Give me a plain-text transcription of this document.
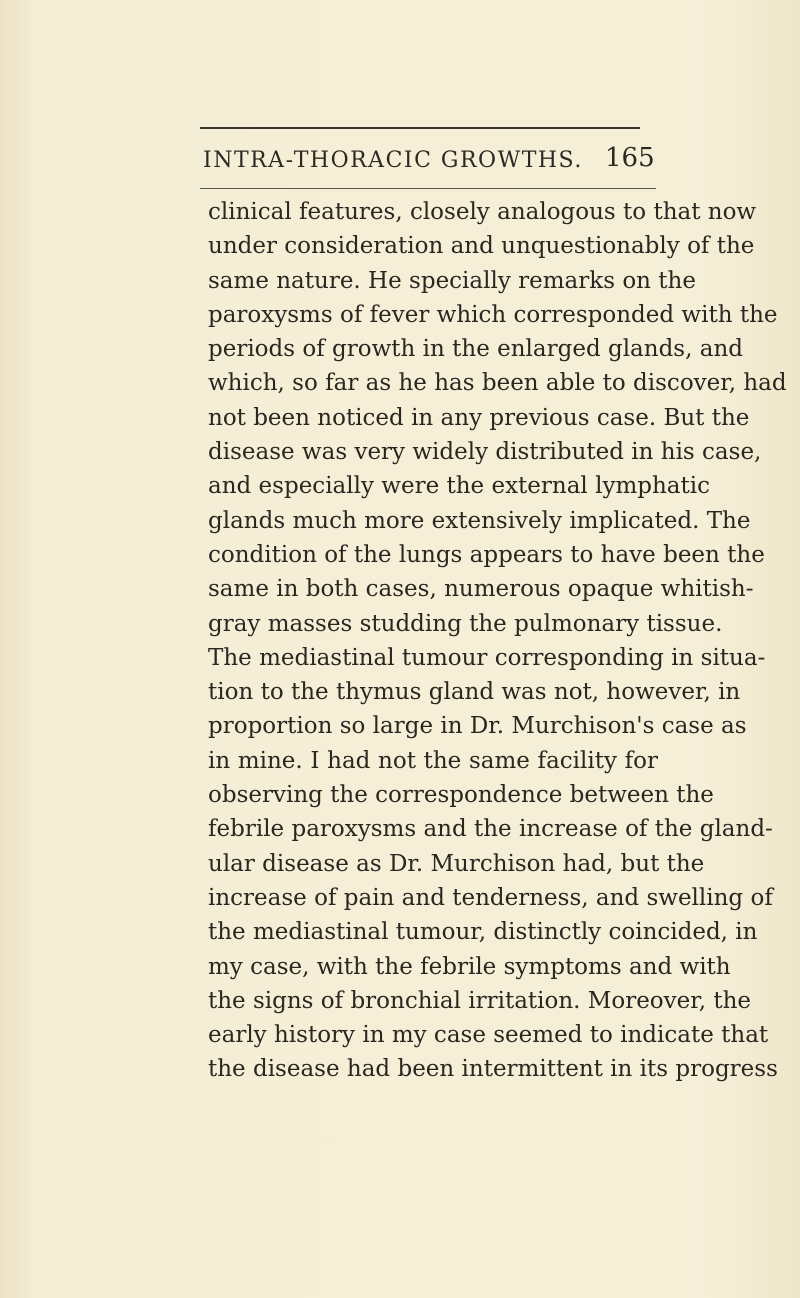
INTRA-THORACIC GROWTHS. 165
clinical features, closely analogous to that now
under consideration and unquestionably of the
same nature. He specially remarks on the
paroxysms of fever which corresponded with the
periods of growth in the enlarged glands, and
which, so far as he has been able to discover, had
not been noticed in any previous case. But the
disease was very widely distributed in his case,
and especially were the external lymphatic
glands much more extensively implicated. The
condition of the lungs appears to have been the
same in both cases, numerous opaque whitish-
gray masses studding the pulmonary tissue.
The mediastinal tumour corresponding in situa-
tion to the thymus gland was not, however, in
proportion so large in Dr. Murchison's case as
in mine. I had not the same facility for
observing the correspondence between the
febrile paroxysms and the increase of the gland-
ular disease as Dr. Murchison had, but the
increase of pain and tenderness, and swelling of
the mediastinal tumour, distinctly coincided, in
my case, with the febrile symptoms and with
the signs of bronchial irritation. Moreover, the
early history in my case seemed to indicate that
the disease had been intermittent in its progress
